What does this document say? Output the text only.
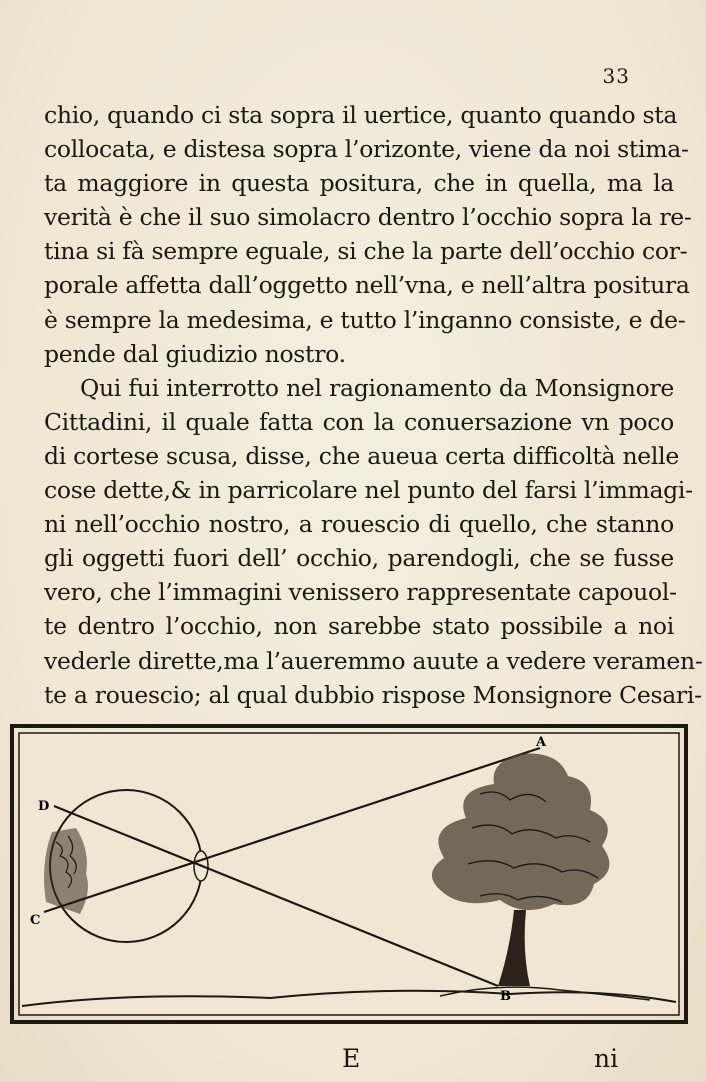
33
chio, quando ci sta sopra il uertice, quanto quando sta
collocata, e distesa sopra l’orizonte, viene da noi stima-
ta maggiore in questa positura, che in quella, ma la
verità è che il suo simolacro dentro l’occhio sopra la re-
tina si fà sempre eguale, si che la parte dell’occhio cor-
porale affetta dall’oggetto nell’vna, e nell’altra positura
è sempre la medesima, e tutto l’inganno consiste, e de-
pende dal giudizio nostro.
Qui fui interrotto nel ragionamento da Monsignore
Cittadini, il quale fatta con la conuersazione vn poco
di cortese scusa, disse, che aueua certa difficoltà nelle
cose dette,& in parricolare nel punto del farsi l’immagi-
ni nell’occhio nostro, a rouescio di quello, che stanno
gli oggetti fuori dell’ occhio, parendogli, che se fusse
vero, che l’immagini venissero rappresentate capouol-
te dentro l’occhio, non sarebbe stato possibile a noi
vederle dirette,ma l’aueremmo auute a vedere veramen-
te a rouescio; al qual dubbio rispose Monsignore Cesari-
A
B
C
D
E	ni
